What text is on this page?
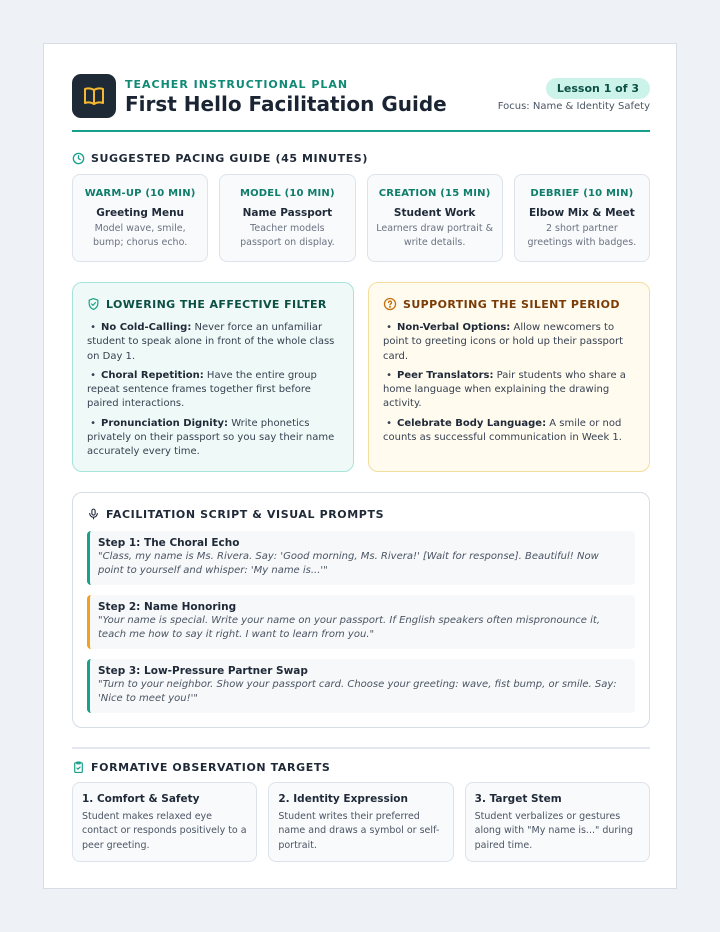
TEACHER INSTRUCTIONAL PLAN
First Hello Facilitation Guide
Lesson 1 of 3
Focus: Name & Identity Safety
SUGGESTED PACING GUIDE (45 MINUTES)
WARM-UP (10 MIN)
Greeting Menu
Model wave, smile, bump; chorus echo.
MODEL (10 MIN)
Name Passport
Teacher models passport on display.
CREATION (15 MIN)
Student Work
Learners draw portrait & write details.
DEBRIEF (10 MIN)
Elbow Mix & Meet
2 short partner greetings with badges.
LOWERING THE AFFECTIVE FILTER
• No Cold-Calling: Never force an unfamiliar student to speak alone in front of the whole class on Day 1.
• Choral Repetition: Have the entire group repeat sentence frames together first before paired interactions.
• Pronunciation Dignity: Write phonetics privately on their passport so you say their name accurately every time.
SUPPORTING THE SILENT PERIOD
• Non-Verbal Options: Allow newcomers to point to greeting icons or hold up their passport card.
• Peer Translators: Pair students who share a home language when explaining the drawing activity.
• Celebrate Body Language: A smile or nod counts as successful communication in Week 1.
FACILITATION SCRIPT & VISUAL PROMPTS
Step 1: The Choral Echo
"Class, my name is Ms. Rivera. Say: 'Good morning, Ms. Rivera!' [Wait for response]. Beautiful! Now point to yourself and whisper: 'My name is...'"
Step 2: Name Honoring
"Your name is special. Write your name on your passport. If English speakers often mispronounce it, teach me how to say it right. I want to learn from you."
Step 3: Low-Pressure Partner Swap
"Turn to your neighbor. Show your passport card. Choose your greeting: wave, fist bump, or smile. Say: 'Nice to meet you!'"
FORMATIVE OBSERVATION TARGETS
1. Comfort & Safety
Student makes relaxed eye contact or responds positively to a peer greeting.
2. Identity Expression
Student writes their preferred name and draws a symbol or self-portrait.
3. Target Stem
Student verbalizes or gestures along with "My name is..." during paired time.
